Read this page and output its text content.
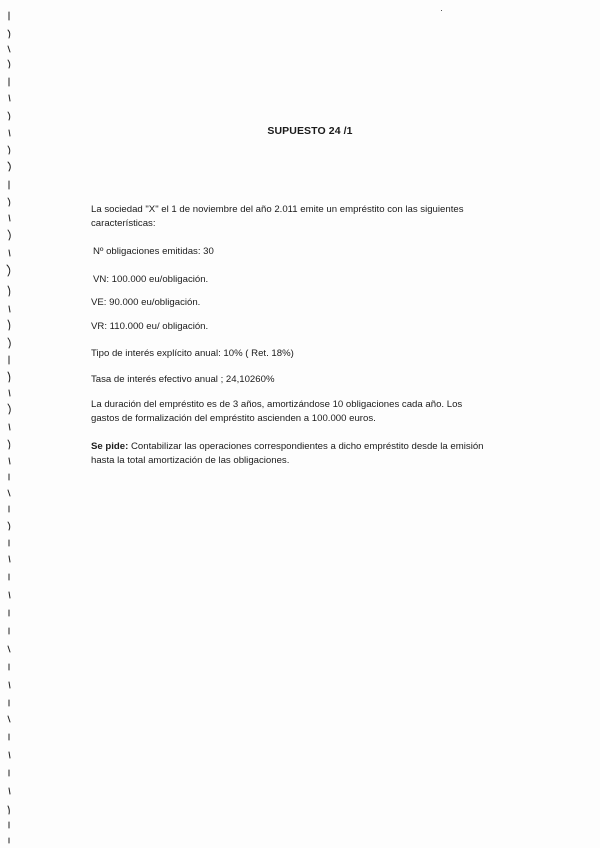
SUPUESTO 24 /1

La sociedad "X" el 1 de noviembre del año 2.011 emite un empréstito con las siguientes características:

Nº obligaciones emitidas: 30

VN: 100.000 eu/obligación.

VE: 90.000 eu/obligación.

VR: 110.000 eu/ obligación.

Tipo de interés explícito anual: 10% ( Ret. 18%)

Tasa de interés efectivo anual ; 24,10260%

La duración del empréstito es de 3 años, amortizándose 10 obligaciones cada año. Los gastos de formalización del empréstito ascienden a 100.000 euros.

Se pide: Contabilizar las operaciones correspondientes a dicho empréstito desde la emisión hasta la total amortización de las obligaciones.
